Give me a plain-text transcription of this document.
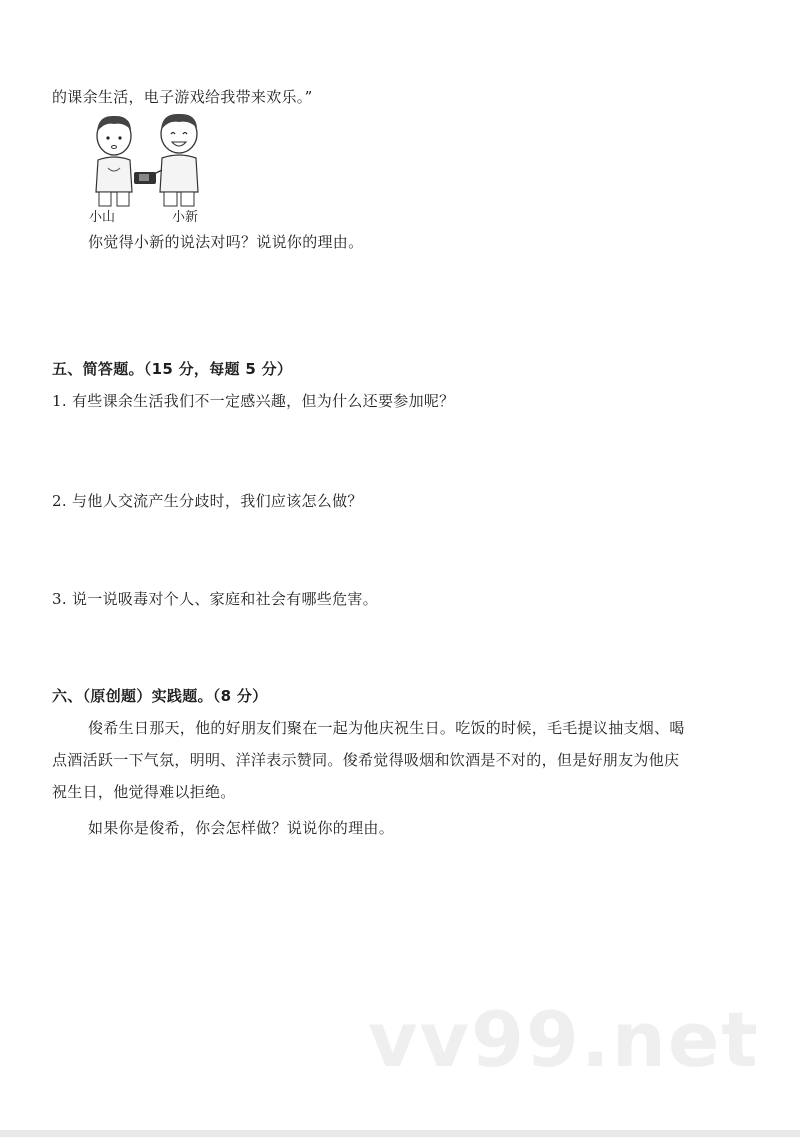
的课余生活，电子游戏给我带来欢乐。”
小山	小新
你觉得小新的说法对吗？说说你的理由。
五、简答题。（15 分，每题 5 分）
1. 有些课余生活我们不一定感兴趣，但为什么还要参加呢？
2. 与他人交流产生分歧时，我们应该怎么做？
3. 说一说吸毒对个人、家庭和社会有哪些危害。
六、（原创题）实践题。（8 分）
俊希生日那天，他的好朋友们聚在一起为他庆祝生日。吃饭的时候，毛毛提议抽支烟、喝
点酒活跃一下气氛，明明、洋洋表示赞同。俊希觉得吸烟和饮酒是不对的，但是好朋友为他庆
祝生日，他觉得难以拒绝。
如果你是俊希，你会怎样做？说说你的理由。
vv99.net
